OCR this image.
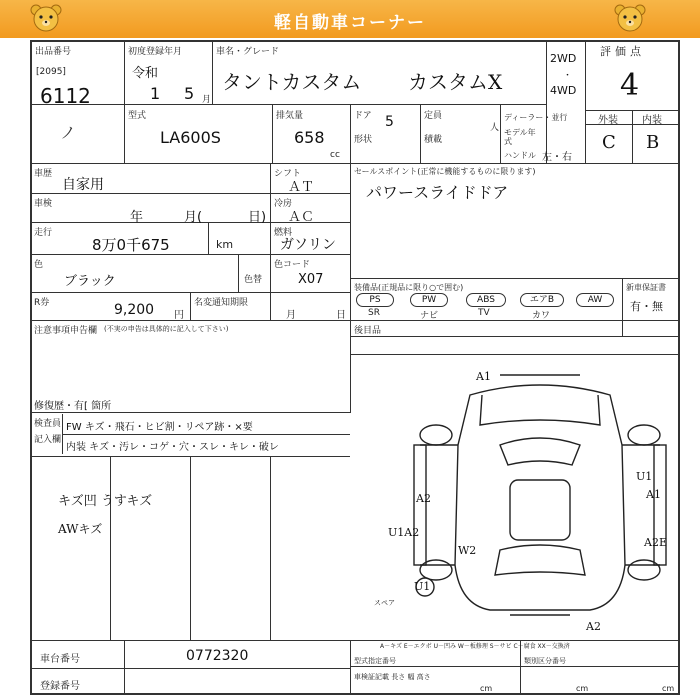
軽自動車コーナー
出品番号
[2095]
6112
初度登録年月
令和
1 5 月
車名・グレード
タントカスタム カスタムX
2WD
・
4WD
評価点
4
外装 内装
C B
型式
LA600S
排気量
658
cc
ドア 5
形状
定員
人
積載
ディーラー・並行
モデル年式
ハンドル 左・右
ノ
車歴
自家用
車検
年	月(	日)
走行
8万0千675	km
色
ブラック	色替
R券	9,200 円
名変通知期限
月	日
シフト
ＡＴ
冷房
ＡＣ
燃料
ガソリン
色コード
X07
セールスポイント(正常に機能するものに限ります)
パワースライドドア
装備品(正規品に限り○で囲む)
PS	PW	ABS	エアB	AW
SR	ナビ	TV	カワ
新車保証書
有・無
後目品
注意事項申告欄 (不実の申告は具体的に記入して下さい)
修復歴・有[ 箇所
検査員
記入欄
FW キズ・飛石・ヒビ割・リペア跡・×要
内装 キズ・汚レ・コゲ・穴・スレ・キレ・破レ
キズ凹 うすキズ
AWキズ
A1
A2
U1A2
W2
U1
U1
A1
A2E
A2
スペア
A－キズ E－エクボ U－凹み W－板修理 S－サビ C－腐食 XX－交換済
車台番号	0772320
登録番号
型式指定番号	類別区分番号
車検証記載 長さ 幅 高さ
cm	cm	cm
